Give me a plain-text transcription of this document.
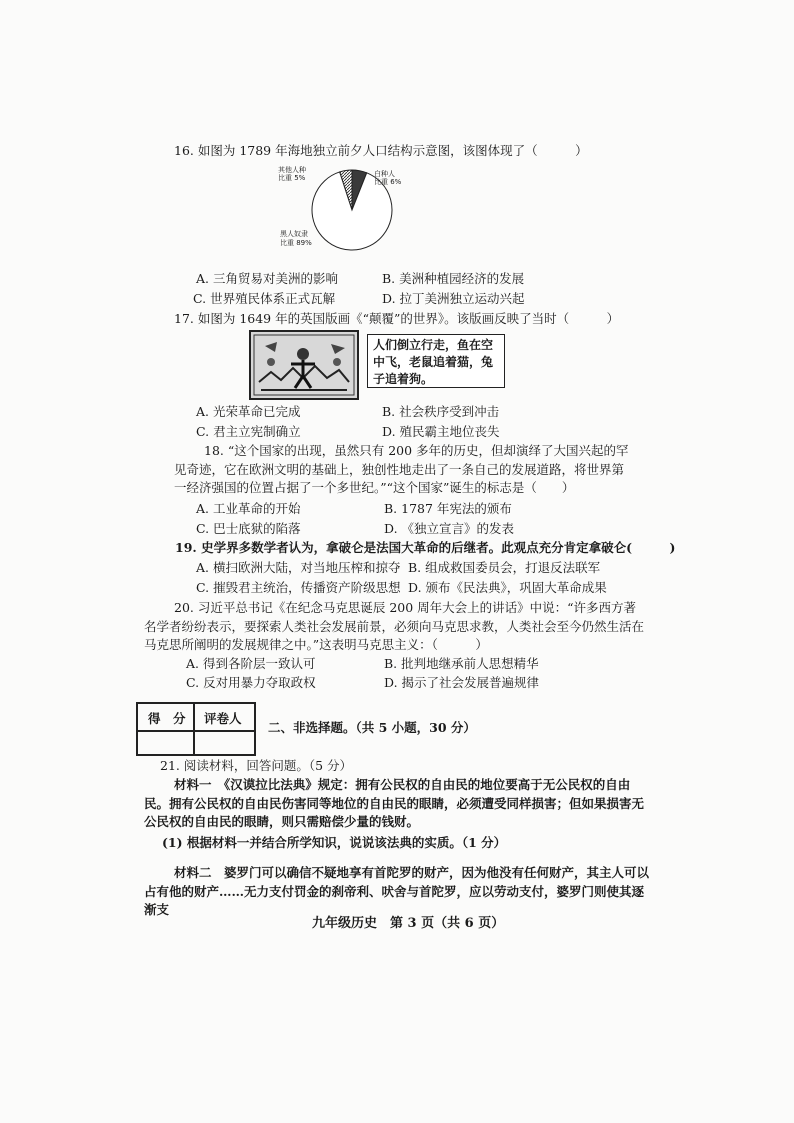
16. 如图为 1789 年海地独立前夕人口结构示意图，该图体现了（　　　）
其他人种
比重 5%	白种人
比重 6%
黑人奴隶
比重 89%
A. 三角贸易对美洲的影响	B. 美洲种植园经济的发展
C. 世界殖民体系正式瓦解	D. 拉丁美洲独立运动兴起
17. 如图为 1649 年的英国版画《“颠覆”的世界》。该版画反映了当时（　　　）
人们倒立行走，鱼在空中飞，老鼠追着猫，兔子追着狗。
A. 光荣革命已完成	B. 社会秩序受到冲击
C. 君主立宪制确立	D. 殖民霸主地位丧失
18. “这个国家的出现，虽然只有 200 多年的历史，但却演绎了大国兴起的罕见奇迹，它在欧洲文明的基础上，独创性地走出了一条自己的发展道路，将世界第一经济强国的位置占据了一个多世纪。”“这个国家”诞生的标志是（　　）
A. 工业革命的开始	B. 1787 年宪法的颁布
C. 巴士底狱的陷落	D. 《独立宣言》的发表
19. 史学界多数学者认为，拿破仑是法国大革命的后继者。此观点充分肯定拿破仑(　　　)
A. 横扫欧洲大陆，对当地压榨和掠夺 B. 组成救国委员会，打退反法联军
C. 摧毁君主统治，传播资产阶级思想 D. 颁布《民法典》，巩固大革命成果
20. 习近平总书记《在纪念马克思诞辰 200 周年大会上的讲话》中说：“许多西方著名学者纷纷表示，要探索人类社会发展前景，必须向马克思求教，人类社会至今仍然生活在马克思所阐明的发展规律之中。”这表明马克思主义：（　　　）
A. 得到各阶层一致认可	B. 批判地继承前人思想精华
C. 反对用暴力夺取政权	D. 揭示了社会发展普遍规律
得　分 评卷人
二、非选择题。（共 5 小题，30 分）
21. 阅读材料，回答问题。（5 分）
材料一　《汉谟拉比法典》规定：拥有公民权的自由民的地位要高于无公民权的自由民。拥有公民权的自由民伤害同等地位的自由民的眼睛，必须遭受同样损害；但如果损害无公民权的自由民的眼睛，则只需赔偿少量的钱财。
(1) 根据材料一并结合所学知识，说说该法典的实质。（1 分）
材料二　婆罗门可以确信不疑地享有首陀罗的财产，因为他没有任何财产，其主人可以占有他的财产……无力支付罚金的刹帝利、吠舍与首陀罗，应以劳动支付，婆罗门则使其逐渐支
九年级历史　第 3 页（共 6 页）
